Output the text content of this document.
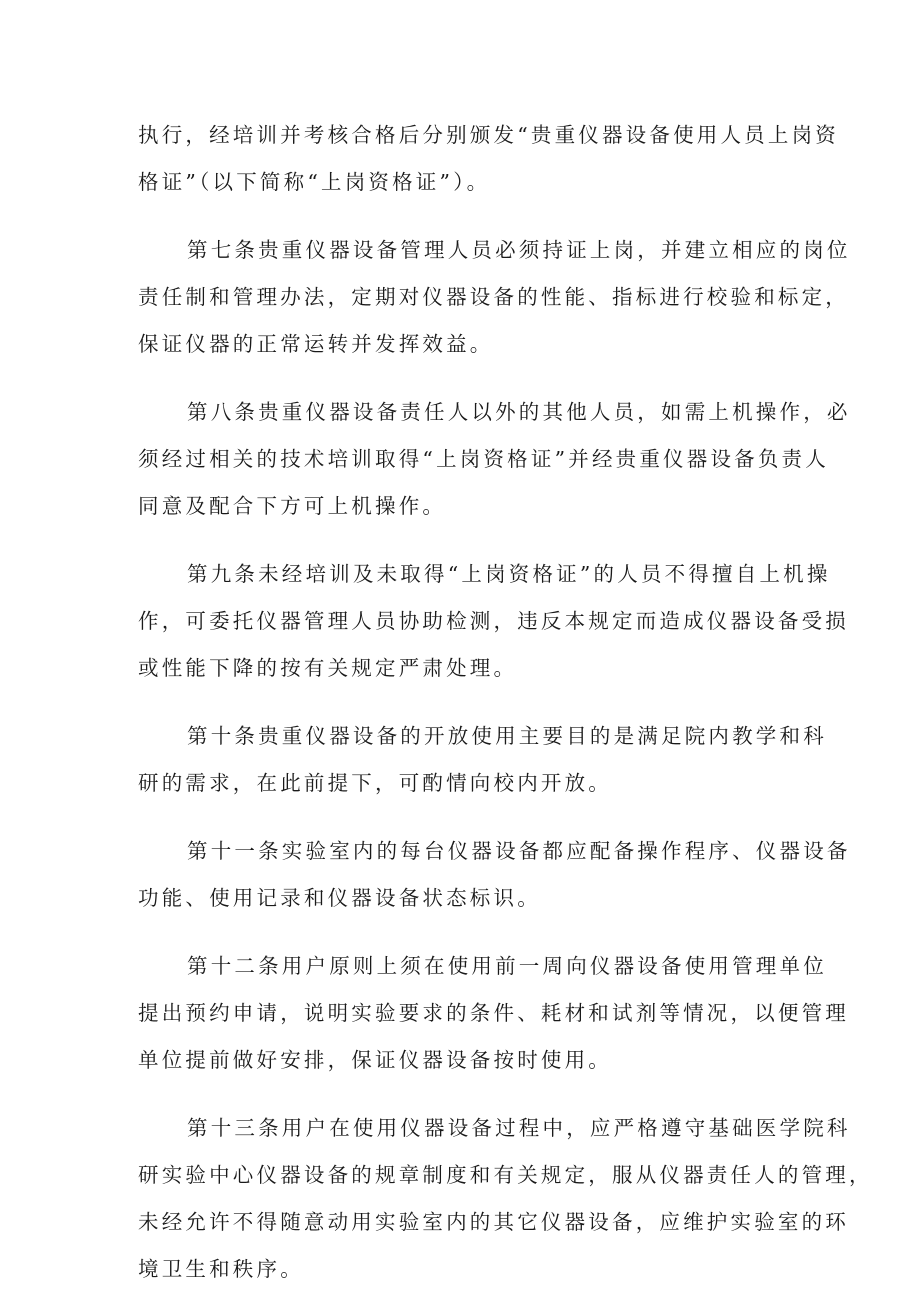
执行，经培训并考核合格后分别颁发“贵重仪器设备使用人员上岗资
格证”（以下简称“上岗资格证”）。

第七条贵重仪器设备管理人员必须持证上岗，并建立相应的岗位
责任制和管理办法，定期对仪器设备的性能、指标进行校验和标定，
保证仪器的正常运转并发挥效益。

第八条贵重仪器设备责任人以外的其他人员，如需上机操作，必
须经过相关的技术培训取得“上岗资格证”并经贵重仪器设备负责人
同意及配合下方可上机操作。

第九条未经培训及未取得“上岗资格证”的人员不得擅自上机操
作，可委托仪器管理人员协助检测，违反本规定而造成仪器设备受损
或性能下降的按有关规定严肃处理。

第十条贵重仪器设备的开放使用主要目的是满足院内教学和科
研的需求，在此前提下，可酌情向校内开放。

第十一条实验室内的每台仪器设备都应配备操作程序、仪器设备
功能、使用记录和仪器设备状态标识。

第十二条用户原则上须在使用前一周向仪器设备使用管理单位
提出预约申请，说明实验要求的条件、耗材和试剂等情况，以便管理
单位提前做好安排，保证仪器设备按时使用。

第十三条用户在使用仪器设备过程中，应严格遵守基础医学院科
研实验中心仪器设备的规章制度和有关规定，服从仪器责任人的管理，
未经允许不得随意动用实验室内的其它仪器设备，应维护实验室的环
境卫生和秩序。
